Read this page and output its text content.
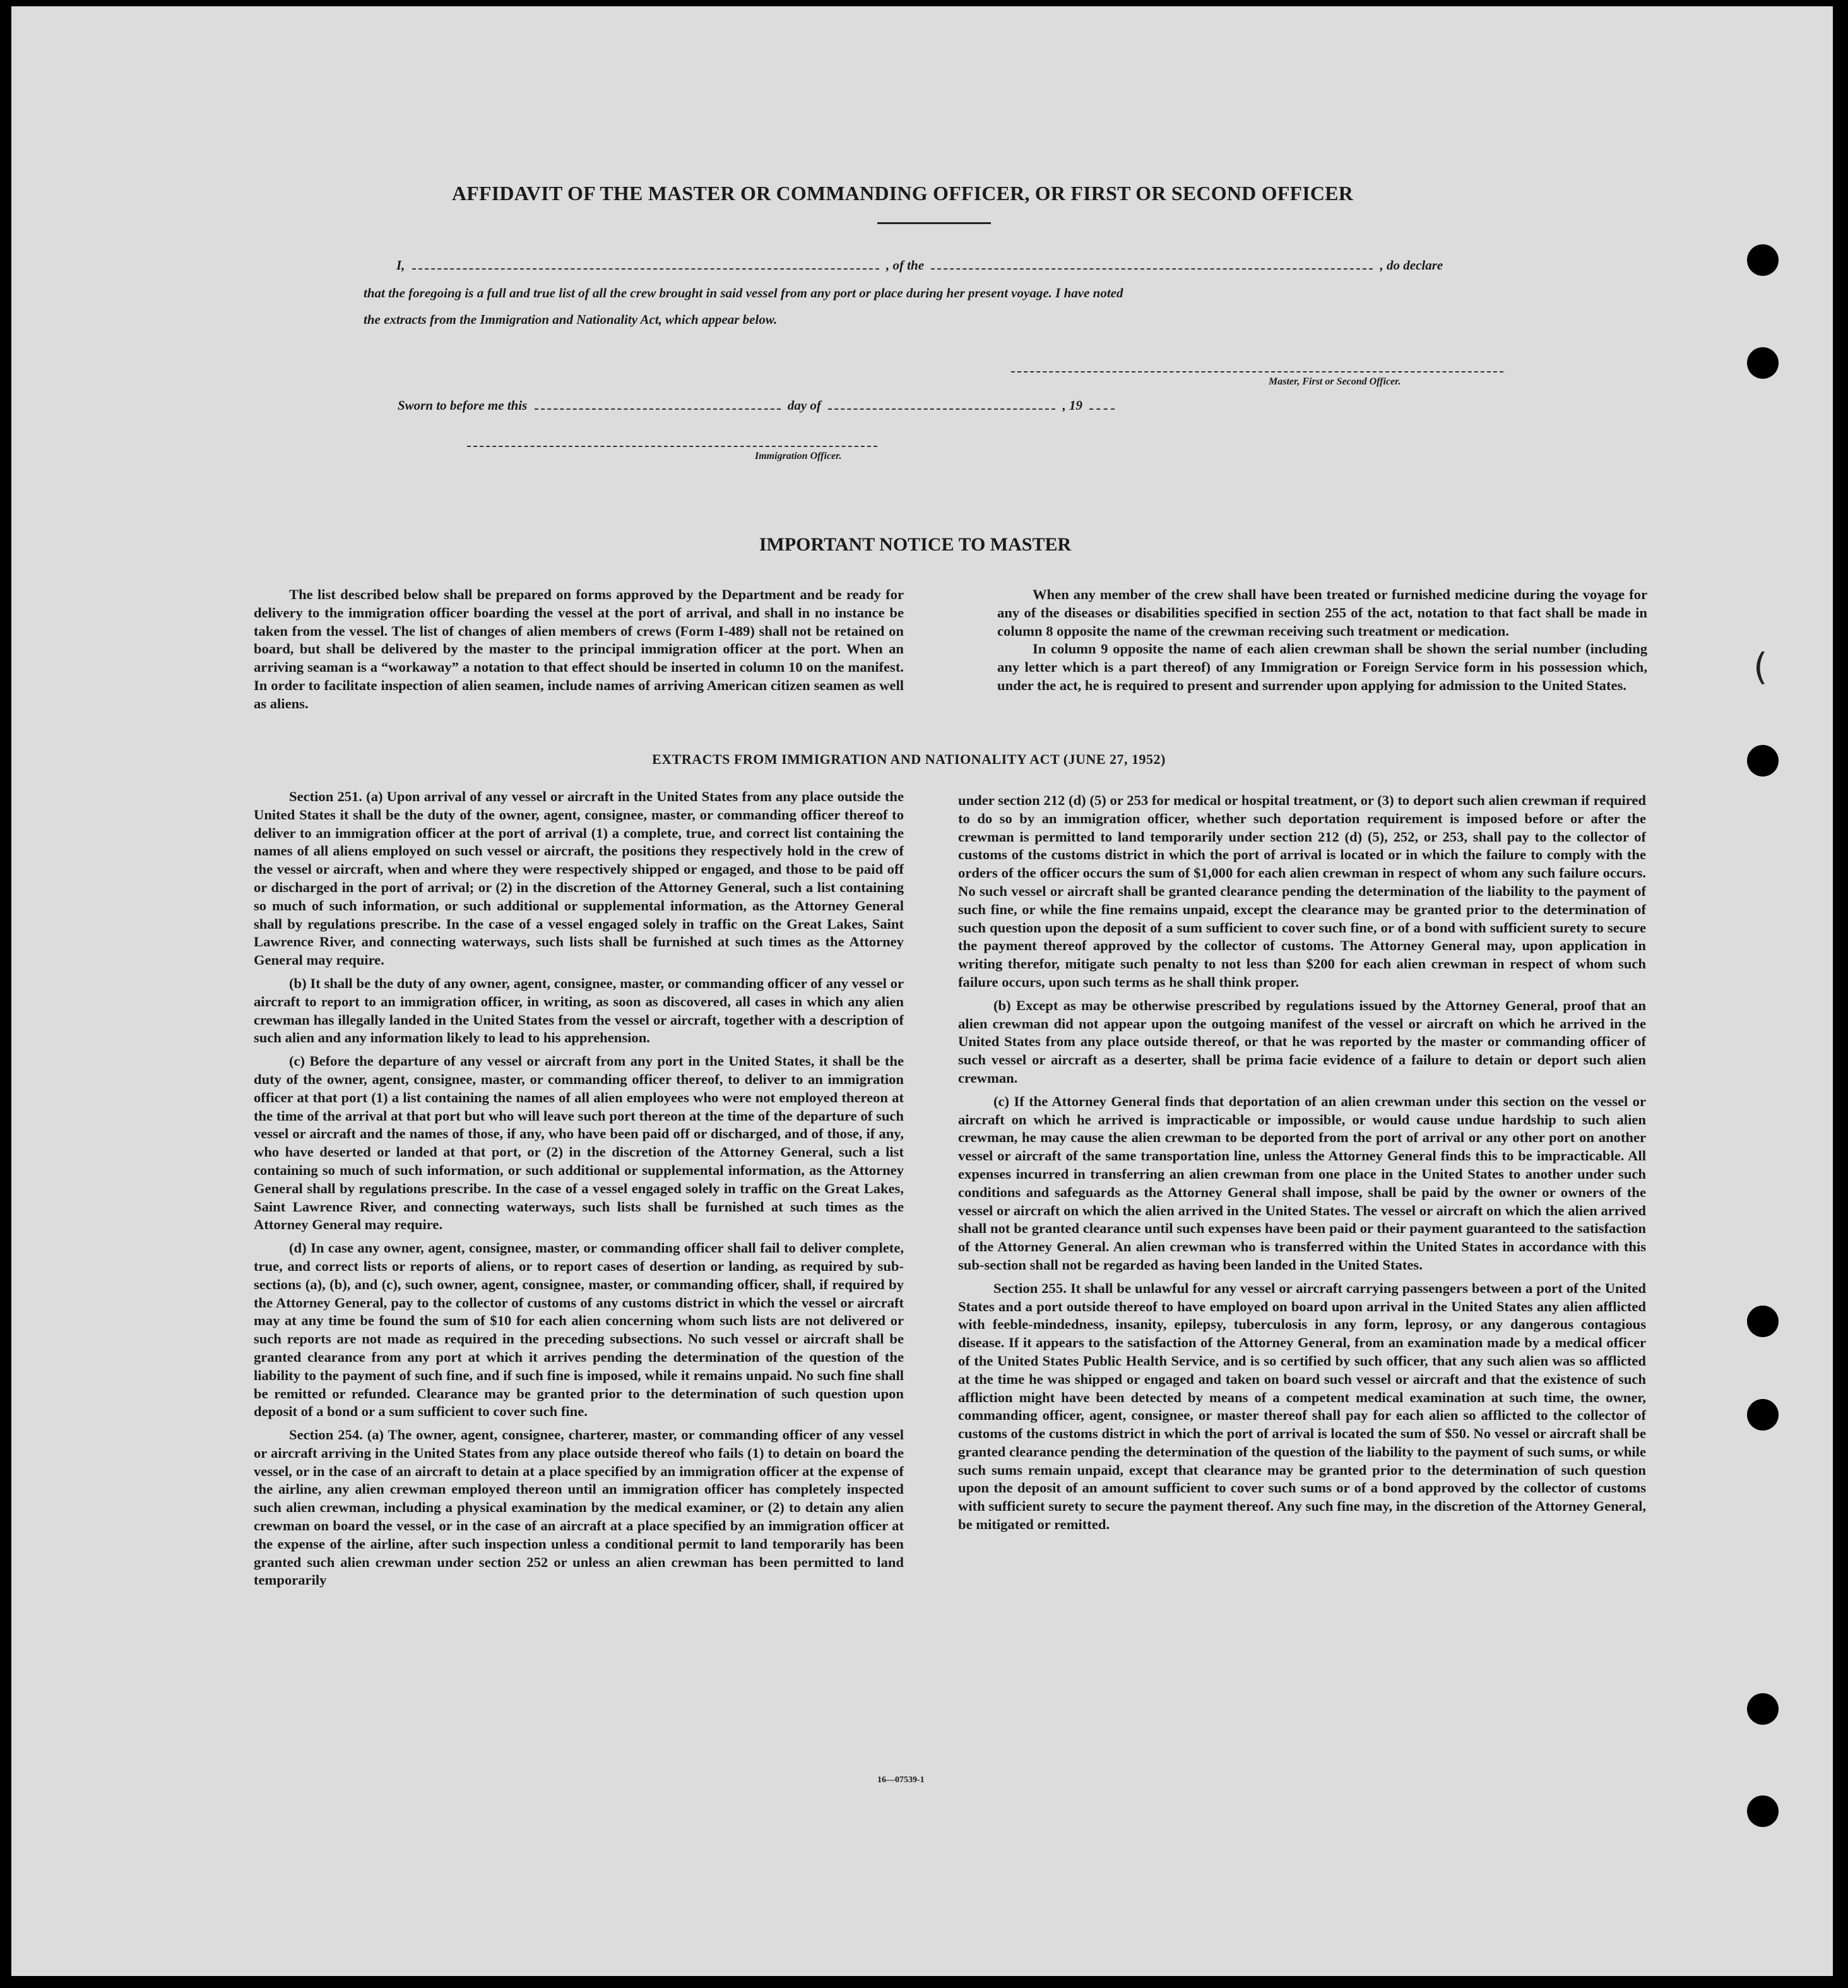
(
AFFIDAVIT OF THE MASTER OR COMMANDING OFFICER, OR FIRST OR SECOND OFFICER
I,	, of the	, do declare
that the foregoing is a full and true list of all the crew brought in said vessel from any port or place during her present voyage. I have noted
the extracts from the Immigration and Nationality Act, which appear below.
Master, First or Second Officer.
Sworn to before me this	day of	, 19
Immigration Officer.
IMPORTANT NOTICE TO MASTER

The list described below shall be prepared on forms approved by the Department and be ready for delivery to the immigration officer boarding the vessel at the port of arrival, and shall in no instance be taken from the vessel. The list of changes of alien members of crews (Form I-489) shall not be retained on board, but shall be delivered by the master to the principal immigration officer at the port. When an arriving seaman is a “workaway” a notation to that effect should be inserted in column 10 on the manifest. In order to facilitate inspection of alien seamen, include names of arriving American citizen seamen as well as aliens.

When any member of the crew shall have been treated or furnished medicine during the voyage for any of the diseases or disabilities specified in section 255 of the act, notation to that fact shall be made in column 8 opposite the name of the crewman receiving such treatment or medication.

In column 9 opposite the name of each alien crewman shall be shown the serial number (including any letter which is a part thereof) of any Immigration or Foreign Service form in his possession which, under the act, he is required to present and surrender upon applying for admission to the United States.

EXTRACTS FROM IMMIGRATION AND NATIONALITY ACT (JUNE 27, 1952)

Section 251. (a) Upon arrival of any vessel or aircraft in the United States from any place outside the United States it shall be the duty of the owner, agent, consignee, master, or commanding officer thereof to deliver to an immigration officer at the port of arrival (1) a complete, true, and correct list containing the names of all aliens employed on such vessel or aircraft, the positions they respectively hold in the crew of the vessel or aircraft, when and where they were respectively shipped or engaged, and those to be paid off or discharged in the port of arrival; or (2) in the discretion of the Attorney General, such a list containing so much of such information, or such additional or supplemental information, as the Attorney General shall by regulations prescribe. In the case of a vessel engaged solely in traffic on the Great Lakes, Saint Lawrence River, and connecting waterways, such lists shall be furnished at such times as the Attorney General may require.

(b) It shall be the duty of any owner, agent, consignee, master, or commanding officer of any vessel or aircraft to report to an immigration officer, in writing, as soon as discovered, all cases in which any alien crewman has illegally landed in the United States from the vessel or aircraft, together with a description of such alien and any information likely to lead to his apprehension.

(c) Before the departure of any vessel or aircraft from any port in the United States, it shall be the duty of the owner, agent, consignee, master, or commanding officer thereof, to deliver to an immigration officer at that port (1) a list containing the names of all alien employees who were not employed thereon at the time of the arrival at that port but who will leave such port thereon at the time of the departure of such vessel or aircraft and the names of those, if any, who have been paid off or discharged, and of those, if any, who have deserted or landed at that port, or (2) in the discretion of the Attorney General, such a list containing so much of such information, or such additional or supplemental information, as the Attorney General shall by regulations prescribe. In the case of a vessel engaged solely in traffic on the Great Lakes, Saint Lawrence River, and connecting waterways, such lists shall be furnished at such times as the Attorney General may require.

(d) In case any owner, agent, consignee, master, or commanding officer shall fail to deliver complete, true, and correct lists or reports of aliens, or to report cases of desertion or landing, as required by sub-sections (a), (b), and (c), such owner, agent, consignee, master, or commanding officer, shall, if required by the Attorney General, pay to the collector of customs of any customs district in which the vessel or aircraft may at any time be found the sum of $10 for each alien concerning whom such lists are not delivered or such reports are not made as required in the preceding subsections. No such vessel or aircraft shall be granted clearance from any port at which it arrives pending the determination of the question of the liability to the payment of such fine, and if such fine is imposed, while it remains unpaid. No such fine shall be remitted or refunded. Clearance may be granted prior to the determination of such question upon deposit of a bond or a sum sufficient to cover such fine.

Section 254. (a) The owner, agent, consignee, charterer, master, or commanding officer of any vessel or aircraft arriving in the United States from any place outside thereof who fails (1) to detain on board the vessel, or in the case of an aircraft to detain at a place specified by an immigration officer at the expense of the airline, any alien crewman employed thereon until an immigration officer has completely inspected such alien crewman, including a physical examination by the medical examiner, or (2) to detain any alien crewman on board the vessel, or in the case of an aircraft at a place specified by an immigration officer at the expense of the airline, after such inspection unless a conditional permit to land temporarily has been granted such alien crewman under section 252 or unless an alien crewman has been permitted to land temporarily

under section 212 (d) (5) or 253 for medical or hospital treatment, or (3) to deport such alien crewman if required to do so by an immigration officer, whether such deportation requirement is imposed before or after the crewman is permitted to land temporarily under section 212 (d) (5), 252, or 253, shall pay to the collector of customs of the customs district in which the port of arrival is located or in which the failure to comply with the orders of the officer occurs the sum of $1,000 for each alien crewman in respect of whom any such failure occurs. No such vessel or aircraft shall be granted clearance pending the determination of the liability to the payment of such fine, or while the fine remains unpaid, except the clearance may be granted prior to the determination of such question upon the deposit of a sum sufficient to cover such fine, or of a bond with sufficient surety to secure the payment thereof approved by the collector of customs. The Attorney General may, upon application in writing therefor, mitigate such penalty to not less than $200 for each alien crewman in respect of whom such failure occurs, upon such terms as he shall think proper.

(b) Except as may be otherwise prescribed by regulations issued by the Attorney General, proof that an alien crewman did not appear upon the outgoing manifest of the vessel or aircraft on which he arrived in the United States from any place outside thereof, or that he was reported by the master or commanding officer of such vessel or aircraft as a deserter, shall be prima facie evidence of a failure to detain or deport such alien crewman.

(c) If the Attorney General finds that deportation of an alien crewman under this section on the vessel or aircraft on which he arrived is impracticable or impossible, or would cause undue hardship to such alien crewman, he may cause the alien crewman to be deported from the port of arrival or any other port on another vessel or aircraft of the same transportation line, unless the Attorney General finds this to be impracticable. All expenses incurred in transferring an alien crewman from one place in the United States to another under such conditions and safeguards as the Attorney General shall impose, shall be paid by the owner or owners of the vessel or aircraft on which the alien arrived in the United States. The vessel or aircraft on which the alien arrived shall not be granted clearance until such expenses have been paid or their payment guaranteed to the satisfaction of the Attorney General. An alien crewman who is transferred within the United States in accordance with this sub-section shall not be regarded as having been landed in the United States.

Section 255. It shall be unlawful for any vessel or aircraft carrying passengers between a port of the United States and a port outside thereof to have employed on board upon arrival in the United States any alien afflicted with feeble-mindedness, insanity, epilepsy, tuberculosis in any form, leprosy, or any dangerous contagious disease. If it appears to the satisfaction of the Attorney General, from an examination made by a medical officer of the United States Public Health Service, and is so certified by such officer, that any such alien was so afflicted at the time he was shipped or engaged and taken on board such vessel or aircraft and that the existence of such affliction might have been detected by means of a competent medical examination at such time, the owner, commanding officer, agent, consignee, or master thereof shall pay for each alien so afflicted to the collector of customs of the customs district in which the port of arrival is located the sum of $50. No vessel or aircraft shall be granted clearance pending the determination of the question of the liability to the payment of such sums, or while such sums remain unpaid, except that clearance may be granted prior to the determination of such question upon the deposit of an amount sufficient to cover such sums or of a bond approved by the collector of customs with sufficient surety to secure the payment thereof. Any such fine may, in the discretion of the Attorney General, be mitigated or remitted.

16—07539-1
